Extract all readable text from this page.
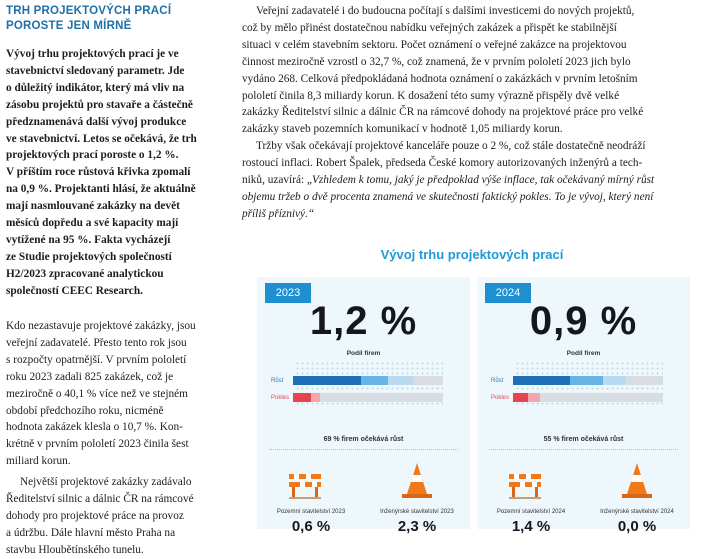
TRH PROJEKTOVÝCH PRACÍ
POROSTE JEN MÍRNĚ

Vývoj trhu projektových prací je ve
stavebnictví sledovaný parametr. Jde
o důležitý indikátor, který má vliv na
zásobu projektů pro stavaře a částečně
předznamenává další vývoj produkce
ve stavebnictví. Letos se očekává, že trh
projektových prací poroste o 1,2 %.
V příštím roce růstová křivka zpomalí
na 0,9 %. Projektanti hlásí, že aktuálně
mají nasmlouvané zakázky na devět
měsíců dopředu a své kapacity mají
vytížené na 95 %. Fakta vycházejí
ze Studie projektových společností
H2/2023 zpracované analytickou
společností CEEC Research.

Kdo nezastavuje projektové zakázky, jsou
veřejní zadavatelé. Přesto tento rok jsou
s rozpočty opatrnější. V prvním pololetí
roku 2023 zadali 825 zakázek, což je
meziročně o 40,1 % více než ve stejném
období předchozího roku, nicméně
hodnota zakázek klesla o 10,7 %. Kon-
krétně v prvním pololetí 2023 činila šest
miliard korun.

Největší projektové zakázky zadávalo
Ředitelství silnic a dálnic ČR na rámcové
dohody pro projektové práce na provoz
a údržbu. Dále hlavní město Praha na
stavbu Hloubětínského tunelu.

Veřejní zadavatelé i do budoucna počítají s dalšími investicemi do nových projektů,
což by mělo přinést dostatečnou nabídku veřejných zakázek a přispět ke stabilnější
situaci v celém stavebním sektoru. Počet oznámení o veřejné zakázce na projektovou
činnost meziročně vzrostl o 32,7 %, což znamená, že v prvním pololetí 2023 jich bylo
vydáno 268. Celková předpokládaná hodnota oznámení o zakázkách v prvním letošním
pololetí činila 8,3 miliardy korun. K dosažení této sumy výrazně přispěly dvě velké
zakázky Ředitelství silnic a dálnic ČR na rámcové dohody na projektové práce pro velké
zakázky staveb pozemních komunikací v hodnotě 1,05 miliardy korun.

Tržby však očekávají projektové kanceláře pouze o 2 %, což stále dostatečně neodráží
rostoucí inflaci. Robert Špalek, předseda České komory autorizovaných inženýrů a tech-
niků, uzavírá: „Vzhledem k tomu, jaký je předpoklad výše inflace, tak očekávaný mírný růst
objemu tržeb o dvě procenta znamená ve skutečnosti faktický pokles. To je vývoj, který není
příliš příznivý.“

Vývoj trhu projektových prací
2023
1,2 %
Podíl firem
Růst
Pokles
69 % firem očekává růst
Pozemní stavitelství 2023
0,6 %
Inženýrské stavitelství 2023
2,3 %
2024
0,9 %
Podíl firem
Růst
Pokles
55 % firem očekává růst
Pozemní stavitelství 2024
1,4 %
Inženýrské stavitelství 2024
0,0 %
